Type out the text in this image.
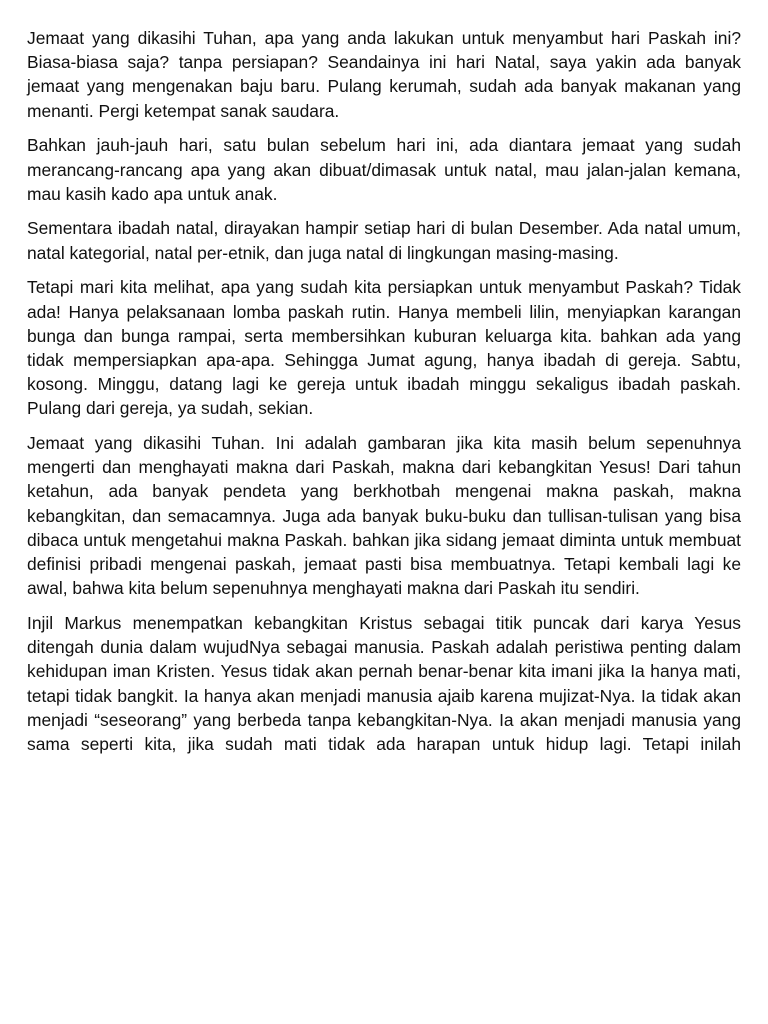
Jemaat yang dikasihi Tuhan, apa yang anda lakukan untuk menyambut hari Paskah ini? Biasa-biasa saja? tanpa persiapan? Seandainya ini hari Natal, saya yakin ada banyak jemaat yang mengenakan baju baru. Pulang kerumah, sudah ada banyak makanan yang menanti. Pergi ketempat sanak saudara.

Bahkan jauh-jauh hari, satu bulan sebelum hari ini, ada diantara jemaat yang sudah merancang-rancang apa yang akan dibuat/dimasak untuk natal, mau jalan-jalan kemana, mau kasih kado apa untuk anak.

Sementara ibadah natal, dirayakan hampir setiap hari di bulan Desember. Ada natal umum, natal kategorial, natal per-etnik, dan juga natal di lingkungan masing-masing.

Tetapi mari kita melihat, apa yang sudah kita persiapkan untuk menyambut Paskah? Tidak ada! Hanya pelaksanaan lomba paskah rutin. Hanya membeli lilin, menyiapkan karangan bunga dan bunga rampai, serta membersihkan kuburan keluarga kita. bahkan ada yang tidak mempersiapkan apa-apa. Sehingga Jumat agung, hanya ibadah di gereja. Sabtu, kosong. Minggu, datang lagi ke gereja untuk ibadah minggu sekaligus ibadah paskah. Pulang dari gereja, ya sudah, sekian.

Jemaat yang dikasihi Tuhan. Ini adalah gambaran jika kita masih belum sepenuhnya mengerti dan menghayati makna dari Paskah, makna dari kebangkitan Yesus! Dari tahun ketahun, ada banyak pendeta yang berkhotbah mengenai makna paskah, makna kebangkitan, dan semacamnya. Juga ada banyak buku-buku dan tullisan-tulisan yang bisa dibaca untuk mengetahui makna Paskah. bahkan jika sidang jemaat diminta untuk membuat definisi pribadi mengenai paskah, jemaat pasti bisa membuatnya. Tetapi kembali lagi ke awal, bahwa kita belum sepenuhnya menghayati makna dari Paskah itu sendiri.

Injil Markus menempatkan kebangkitan Kristus sebagai titik puncak dari karya Yesus ditengah dunia dalam wujudNya sebagai manusia. Paskah adalah peristiwa penting dalam kehidupan iman Kristen. Yesus tidak akan pernah benar-benar kita imani jika Ia hanya mati, tetapi tidak bangkit. Ia hanya akan menjadi manusia ajaib karena mujizat-Nya. Ia tidak akan menjadi “seseorang” yang berbeda tanpa kebangkitan-Nya. Ia akan menjadi manusia yang sama seperti kita, jika sudah mati tidak ada harapan untuk hidup lagi. Tetapi inilah
